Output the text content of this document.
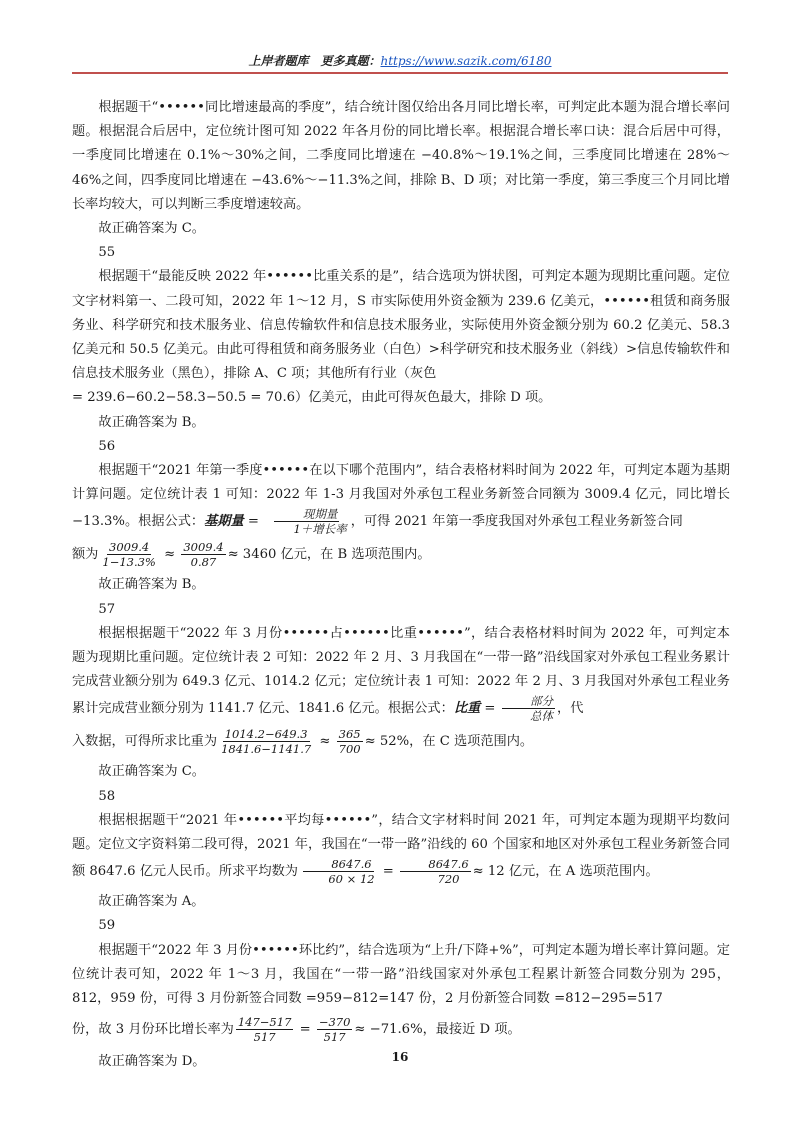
上岸者题库　更多真题：https://www.sazik.com/6180

根据题干“••••••同比增速最高的季度”，结合统计图仅给出各月同比增长率，可判定此本题为混合增长率问题。根据混合后居中，定位统计图可知 2022 年各月份的同比增长率。根据混合增长率口诀：混合后居中可得，一季度同比增速在 0.1%～30%之间，二季度同比增速在 −40.8%～19.1%之间，三季度同比增速在 28%～46%之间，四季度同比增速在 −43.6%～−11.3%之间，排除 B、D 项；对比第一季度，第三季度三个月同比增长率均较大，可以判断三季度增速较高。

故正确答案为 C。

55

根据题干“最能反映 2022 年••••••比重关系的是”，结合选项为饼状图，可判定本题为现期比重问题。定位文字材料第一、二段可知，2022 年 1～12 月，S 市实际使用外资金额为 239.6 亿美元，••••••租赁和商务服务业、科学研究和技术服务业、信息传输软件和信息技术服务业，实际使用外资金额分别为 60.2 亿美元、58.3 亿美元和 50.5 亿美元。由此可得租赁和商务服务业（白色）>科学研究和技术服务业（斜线）>信息传输软件和信息技术服务业（黑色），排除 A、C 项；其他所有行业（灰色

= 239.6−60.2−58.3−50.5 = 70.6）亿美元，由此可得灰色最大，排除 D 项。

故正确答案为 B。

56

根据题干“2021 年第一季度••••••在以下哪个范围内”，结合表格材料时间为 2022 年，可判定本题为基期计算问题。定位统计表 1 可知：2022 年 1-3 月我国对外承包工程业务新签合同额为 3009.4 亿元，同比增长−13.3%。根据公式：基期量 = $\frac{\text{现期量}}{\text{1＋增长率}}$ ，可得 2021 年第一季度我国对外承包工程业务新签合同

额为 $\frac{3009.4}{1-13.3\%} \approx \frac{3009.4}{0.87} \approx 3460$ 亿元，在 B 选项范围内。

故正确答案为 B。

57

根据根据题干“2022 年 3 月份••••••占••••••比重••••••”，结合表格材料时间为 2022 年，可判定本题为现期比重问题。定位统计表 2 可知：2022 年 2 月、3 月我国在“一带一路”沿线国家对外承包工程业务累计完成营业额分别为 649.3 亿元、1014.2 亿元；定位统计表 1 可知：2022 年 2 月、3 月我国对外承包工程业务累计完成营业额分别为 1141.7 亿元、1841.6 亿元。根据公式：比重 = $\frac{\text{部分}}{\text{总体}}$ ，代

入数据，可得所求比重为 $\frac{1014.2-649.3}{1841.6-1141.7} \approx \frac{365}{700} \approx 52\%$，在 C 选项范围内。

故正确答案为 C。

58

根据根据题干“2021 年••••••平均每••••••”，结合文字材料时间 2021 年，可判定本题为现期平均数问题。定位文字资料第二段可得，2021 年，我国在“一带一路”沿线的 60 个国家和地区对外承包工程业务新签合同额 8647.6 亿元人民币。所求平均数为 $\frac{8647.6}{60 \times 12} = \frac{8647.6}{720} \approx 12$ 亿元，在 A 选项范围内。

故正确答案为 A。

59

根据题干“2022 年 3 月份••••••环比约”，结合选项为“上升/下降+%”，可判定本题为增长率计算问题。定位统计表可知，2022 年 1～3 月，我国在“一带一路”沿线国家对外承包工程累计新签合同数分别为 295，812，959 份，可得 3 月份新签合同数 =959−812=147 份，2 月份新签合同数 =812−295=517

份，故 3 月份环比增长率为 $\frac{147-517}{517} = \frac{-370}{517} \approx -71.6\%$，最接近 D 项。

故正确答案为 D。	16
